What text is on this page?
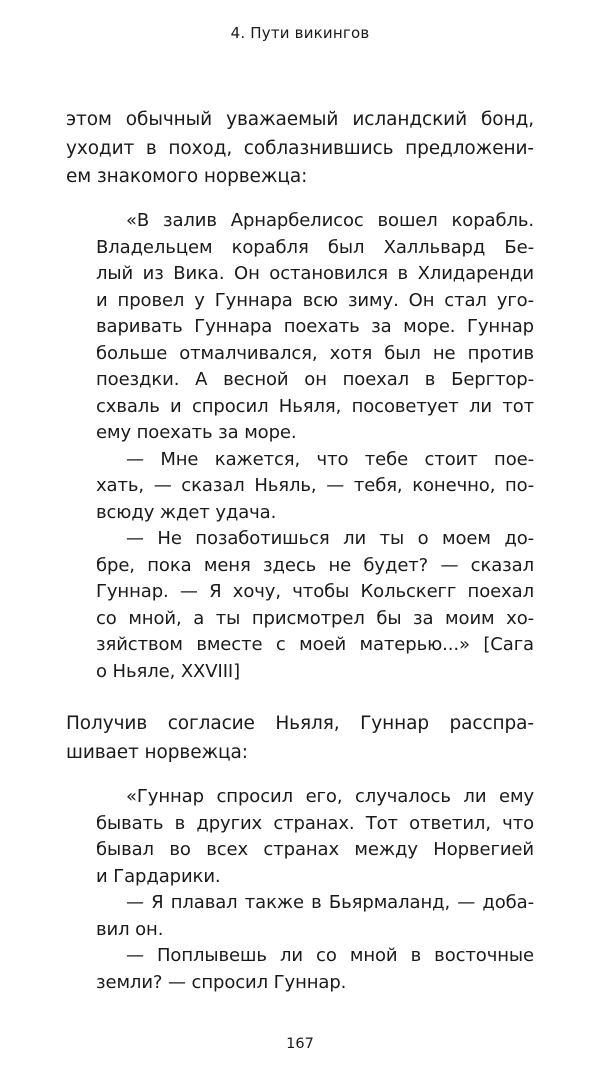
4. Пути викингов
этом обычный уважаемый исландский бонд,
уходит в поход, соблазнившись предложени-
ем знакомого норвежца:
«В залив Арнарбелисос вошел корабль.
Владельцем корабля был Халльвард Бе-
лый из Вика. Он остановился в Хлидаренди
и провел у Гуннара всю зиму. Он стал уго-
варивать Гуннара поехать за море. Гуннар
больше отмалчивался, хотя был не против
поездки. А весной он поехал в Бергтор-
схваль и спросил Ньяля, посоветует ли тот
ему поехать за море.
— Мне кажется, что тебе стоит пое-
хать, — сказал Ньяль, — тебя, конечно, по-
всюду ждет удача.
— Не позаботишься ли ты о моем до-
бре, пока меня здесь не будет? — сказал
Гуннар. — Я хочу, чтобы Кольскегг поехал
со мной, а ты присмотрел бы за моим хо-
зяйством вместе с моей матерью...» [Сага
о Ньяле, XXVIII]
Получив согласие Ньяля, Гуннар расспра-
шивает норвежца:
«Гуннар спросил его, случалось ли ему
бывать в других странах. Тот ответил, что
бывал во всех странах между Норвегией
и Гардарики.
— Я плавал также в Бьярмаланд, — доба-
вил он.
— Поплывешь ли со мной в восточные
земли? — спросил Гуннар.
167
